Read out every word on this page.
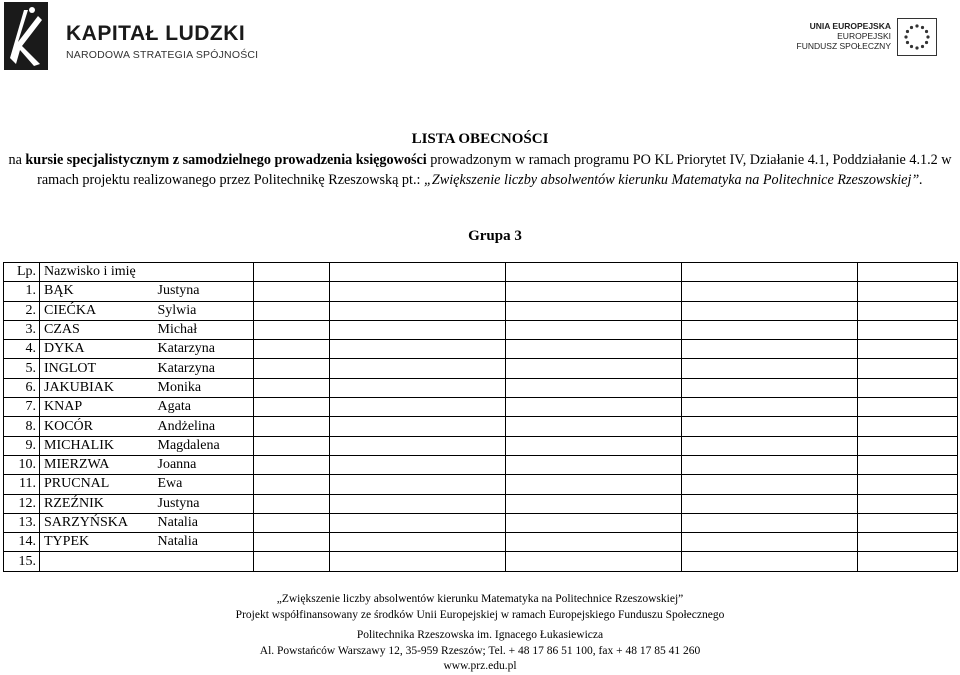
KAPITAŁ LUDZKI
NARODOWA STRATEGIA SPÓJNOŚCI
UNIA EUROPEJSKA
EUROPEJSKI
FUNDUSZ SPOŁECZNY
LISTA OBECNOŚCI
na kursie specjalistycznym z samodzielnego prowadzenia księgowości prowadzonym w ramach programu PO KL Priorytet IV, Działanie 4.1, Poddziałanie 4.1.2 w ramach projektu realizowanego przez Politechnikę Rzeszowską pt.: „Zwiększenie liczby absolwentów kierunku Matematyka na Politechnice Rzeszowskiej”.
Grupa 3
Lp.	Nazwisko i imię						
1.	BĄK	Justyna					
2.	CIEĆKA	Sylwia					
3.	CZAS	Michał					
4.	DYKA	Katarzyna					
5.	INGLOT	Katarzyna					
6.	JAKUBIAK	Monika					
7.	KNAP	Agata					
8.	KOCÓR	Andżelina					
9.	MICHALIK	Magdalena					
10.	MIERZWA	Joanna					
11.	PRUCNAL	Ewa					
12.	RZEŹNIK	Justyna					
13.	SARZYŃSKA	Natalia					
14.	TYPEK	Natalia					
15.							
„Zwiększenie liczby absolwentów kierunku Matematyka na Politechnice Rzeszowskiej”
Projekt współfinansowany ze środków Unii Europejskiej w ramach Europejskiego Funduszu Społecznego
Politechnika Rzeszowska im. Ignacego Łukasiewicza
Al. Powstańców Warszawy 12, 35-959 Rzeszów; Tel. + 48 17 86 51 100, fax + 48 17 85 41 260
www.prz.edu.pl
